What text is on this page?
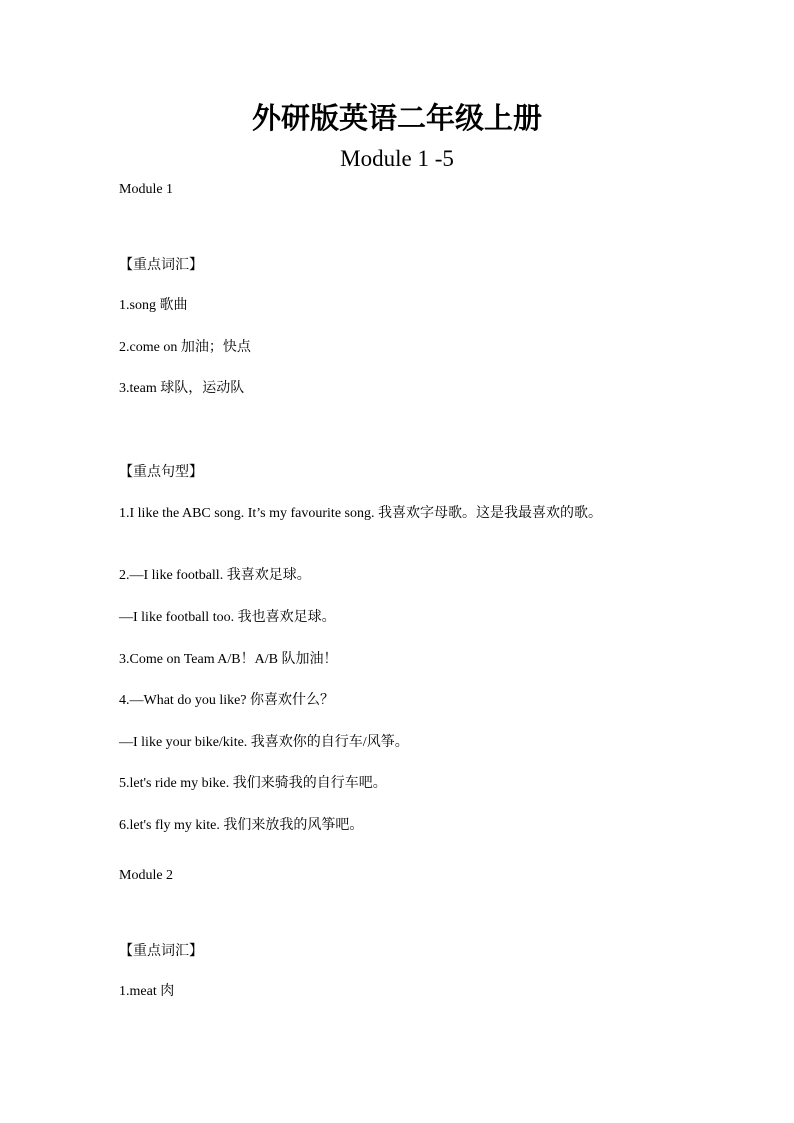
外研版英语二年级上册
Module 1 -5
Module 1
【重点词汇】
1.song 歌曲
2.come on 加油；快点
3.team 球队，运动队
【重点句型】
1.I like the ABC song. It’s my favourite song. 我喜欢字母歌。这是我最喜欢的歌。
2.—I like football. 我喜欢足球。
—I like football too. 我也喜欢足球。
3.Come on Team A/B！A/B 队加油！
4.—What do you like? 你喜欢什么？
—I like your bike/kite. 我喜欢你的自行车/风筝。
5.let's ride my bike. 我们来骑我的自行车吧。
6.let's fly my kite. 我们来放我的风筝吧。
Module 2
【重点词汇】
1.meat 肉
